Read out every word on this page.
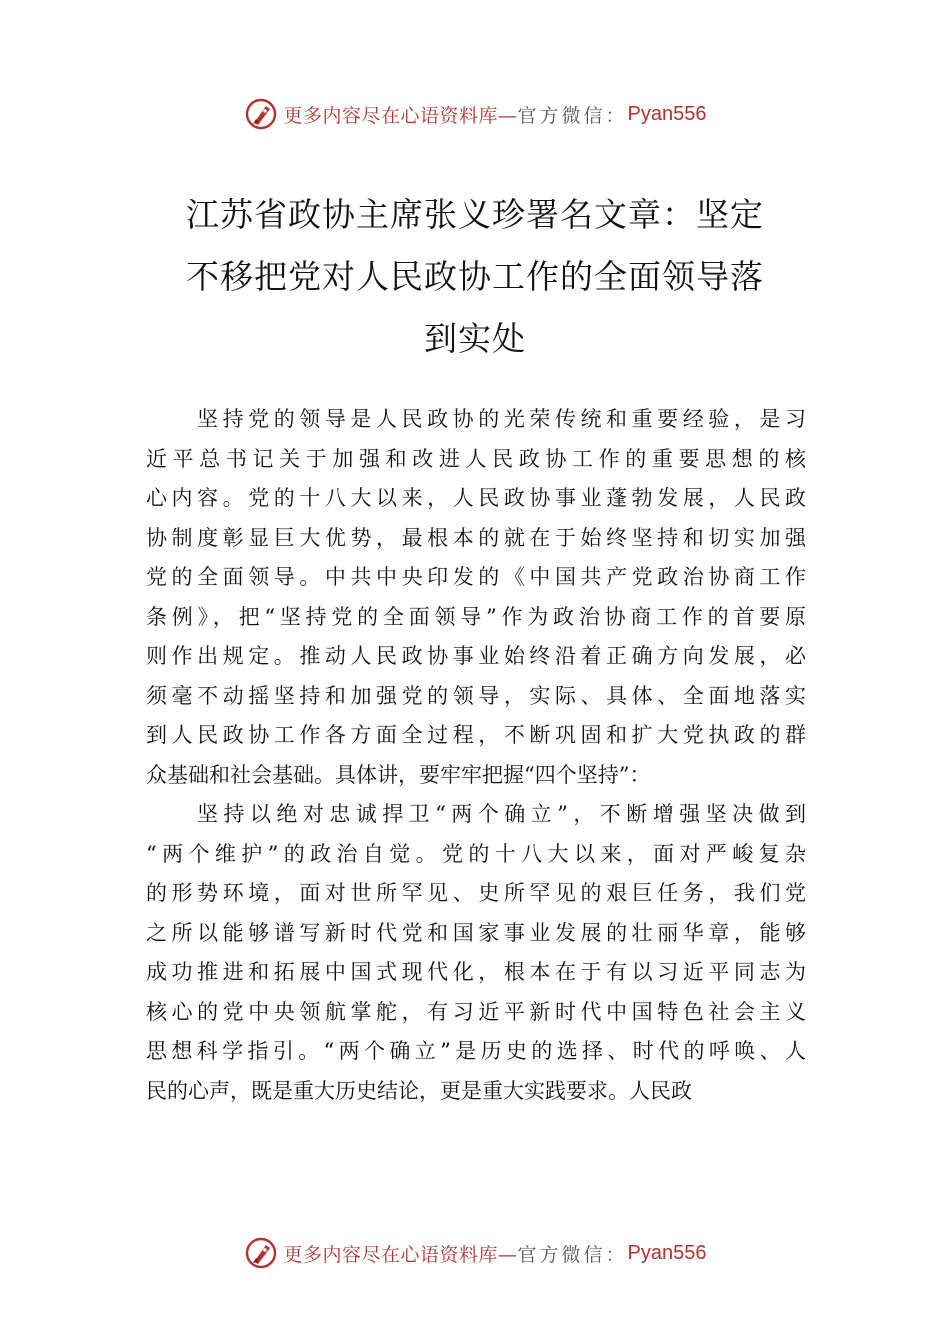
更多内容尽在心语资料库— 官方微信： Pyan556
江苏省政协主席张义珍署名文章：坚定
不移把党对人民政协工作的全面领导落
到实处
坚持党的领导是人民政协的光荣传统和重要经验，是习
近平总书记关于加强和改进人民政协工作的重要思想的核
心内容。党的十八大以来，人民政协事业蓬勃发展，人民政
协制度彰显巨大优势，最根本的就在于始终坚持和切实加强
党的全面领导。中共中央印发的《中国共产党政治协商工作
条例》，把“坚持党的全面领导”作为政治协商工作的首要原
则作出规定。推动人民政协事业始终沿着正确方向发展，必
须毫不动摇坚持和加强党的领导，实际、具体、全面地落实
到人民政协工作各方面全过程，不断巩固和扩大党执政的群
众基础和社会基础。具体讲，要牢牢把握“四个坚持”：
坚持以绝对忠诚捍卫“两个确立”，不断增强坚决做到
“两个维护”的政治自觉。党的十八大以来，面对严峻复杂
的形势环境，面对世所罕见、史所罕见的艰巨任务，我们党
之所以能够谱写新时代党和国家事业发展的壮丽华章，能够
成功推进和拓展中国式现代化，根本在于有以习近平同志为
核心的党中央领航掌舵，有习近平新时代中国特色社会主义
思想科学指引。“两个确立”是历史的选择、时代的呼唤、人
民的心声，既是重大历史结论，更是重大实践要求。人民政
更多内容尽在心语资料库— 官方微信： Pyan556
